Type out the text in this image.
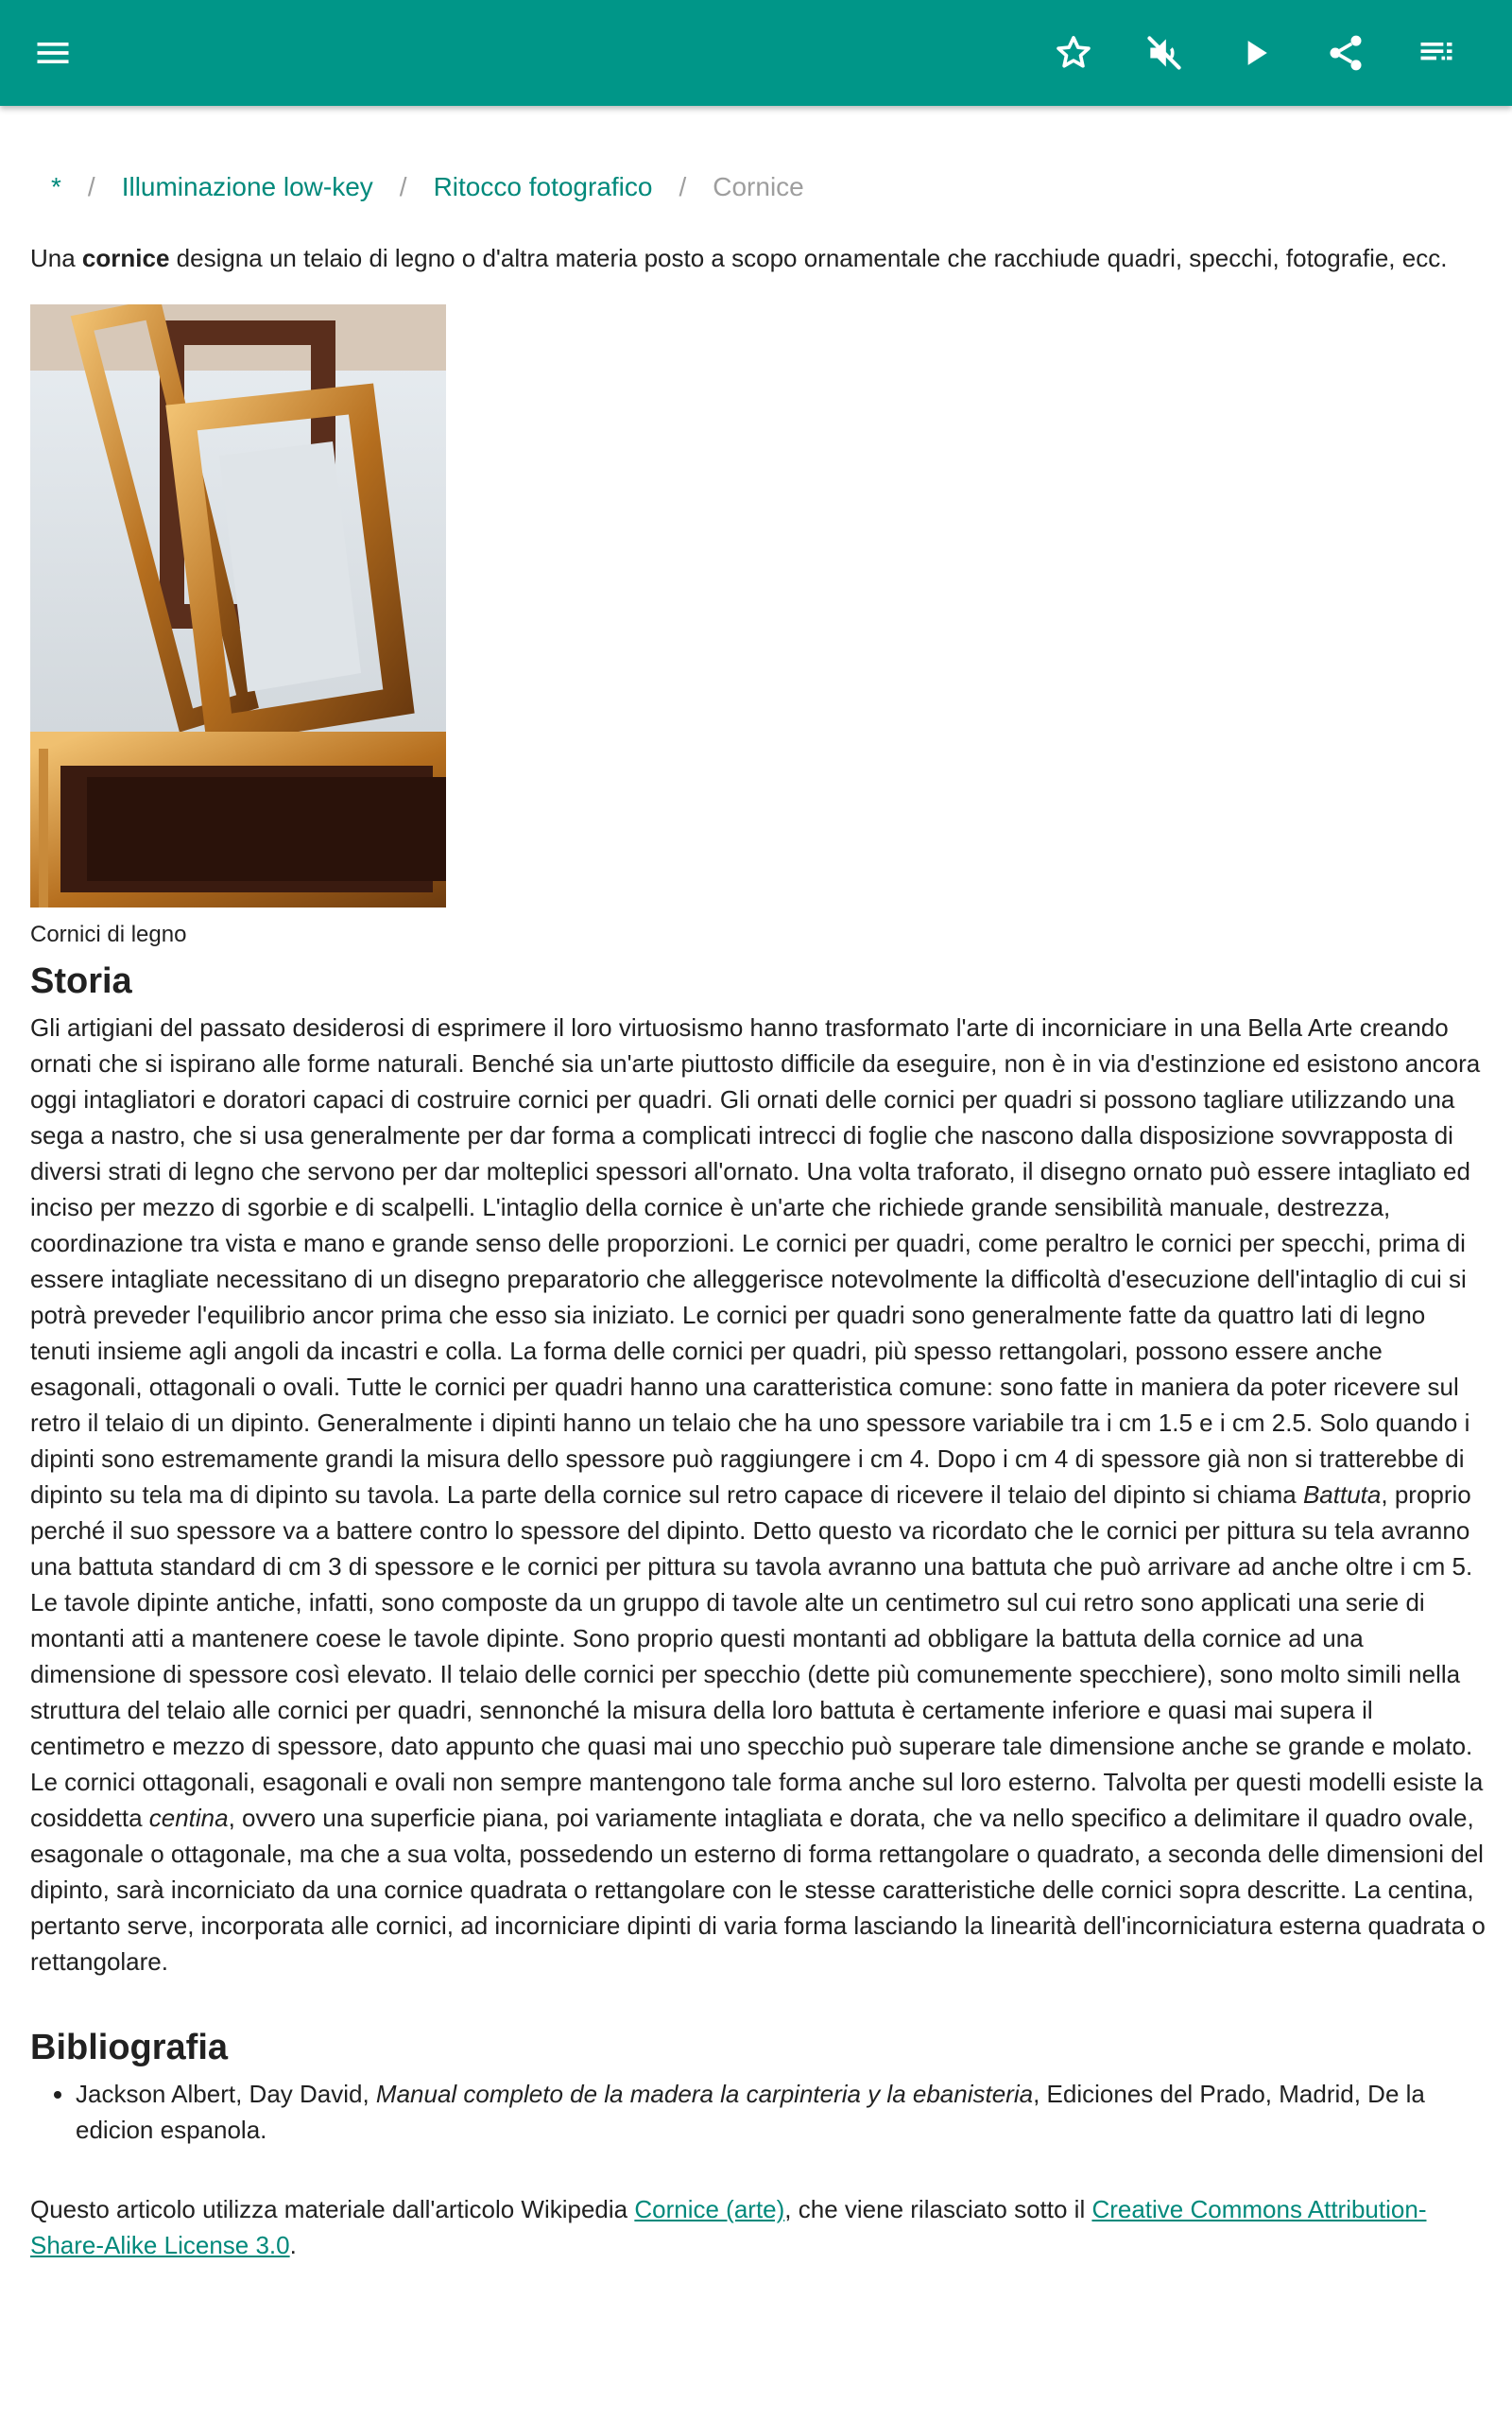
* / Illuminazione low-key / Ritocco fotografico / Cornice

Una cornice designa un telaio di legno o d'altra materia posto a scopo ornamentale che racchiude quadri, specchi, fotografie, ecc.

Cornici di legno
Storia

Gli artigiani del passato desiderosi di esprimere il loro virtuosismo hanno trasformato l'arte di incorniciare in una Bella Arte creando ornati che si ispirano alle forme naturali. Benché sia un'arte piuttosto difficile da eseguire, non è in via d'estinzione ed esistono ancora oggi intagliatori e doratori capaci di costruire cornici per quadri. Gli ornati delle cornici per quadri si possono tagliare utilizzando una sega a nastro, che si usa generalmente per dar forma a complicati intrecci di foglie che nascono dalla disposizione sovvrapposta di diversi strati di legno che servono per dar molteplici spessori all'ornato. Una volta traforato, il disegno ornato può essere intagliato ed inciso per mezzo di sgorbie e di scalpelli. L'intaglio della cornice è un'arte che richiede grande sensibilità manuale, destrezza, coordinazione tra vista e mano e grande senso delle proporzioni. Le cornici per quadri, come peraltro le cornici per specchi, prima di essere intagliate necessitano di un disegno preparatorio che alleggerisce notevolmente la difficoltà d'esecuzione dell'intaglio di cui si potrà preveder l'equilibrio ancor prima che esso sia iniziato. Le cornici per quadri sono generalmente fatte da quattro lati di legno tenuti insieme agli angoli da incastri e colla. La forma delle cornici per quadri, più spesso rettangolari, possono essere anche esagonali, ottagonali o ovali. Tutte le cornici per quadri hanno una caratteristica comune: sono fatte in maniera da poter ricevere sul retro il telaio di un dipinto. Generalmente i dipinti hanno un telaio che ha uno spessore variabile tra i cm 1.5 e i cm 2.5. Solo quando i dipinti sono estremamente grandi la misura dello spessore può raggiungere i cm 4. Dopo i cm 4 di spessore già non si tratterebbe di dipinto su tela ma di dipinto su tavola. La parte della cornice sul retro capace di ricevere il telaio del dipinto si chiama Battuta, proprio perché il suo spessore va a battere contro lo spessore del dipinto. Detto questo va ricordato che le cornici per pittura su tela avranno una battuta standard di cm 3 di spessore e le cornici per pittura su tavola avranno una battuta che può arrivare ad anche oltre i cm 5. Le tavole dipinte antiche, infatti, sono composte da un gruppo di tavole alte un centimetro sul cui retro sono applicati una serie di montanti atti a mantenere coese le tavole dipinte. Sono proprio questi montanti ad obbligare la battuta della cornice ad una dimensione di spessore così elevato. Il telaio delle cornici per specchio (dette più comunemente specchiere), sono molto simili nella struttura del telaio alle cornici per quadri, sennonché la misura della loro battuta è certamente inferiore e quasi mai supera il centimetro e mezzo di spessore, dato appunto che quasi mai uno specchio può superare tale dimensione anche se grande e molato. Le cornici ottagonali, esagonali e ovali non sempre mantengono tale forma anche sul loro esterno. Talvolta per questi modelli esiste la cosiddetta centina, ovvero una superficie piana, poi variamente intagliata e dorata, che va nello specifico a delimitare il quadro ovale, esagonale o ottagonale, ma che a sua volta, possedendo un esterno di forma rettangolare o quadrato, a seconda delle dimensioni del dipinto, sarà incorniciato da una cornice quadrata o rettangolare con le stesse caratteristiche delle cornici sopra descritte. La centina, pertanto serve, incorporata alle cornici, ad incorniciare dipinti di varia forma lasciando la linearità dell'incorniciatura esterna quadrata o rettangolare.

Bibliografia
• Jackson Albert, Day David, Manual completo de la madera la carpinteria y la ebanisteria, Ediciones del Prado, Madrid, De la edicion espanola.

Questo articolo utilizza materiale dall'articolo Wikipedia Cornice (arte), che viene rilasciato sotto il Creative Commons Attribution-Share-Alike License 3.0.
